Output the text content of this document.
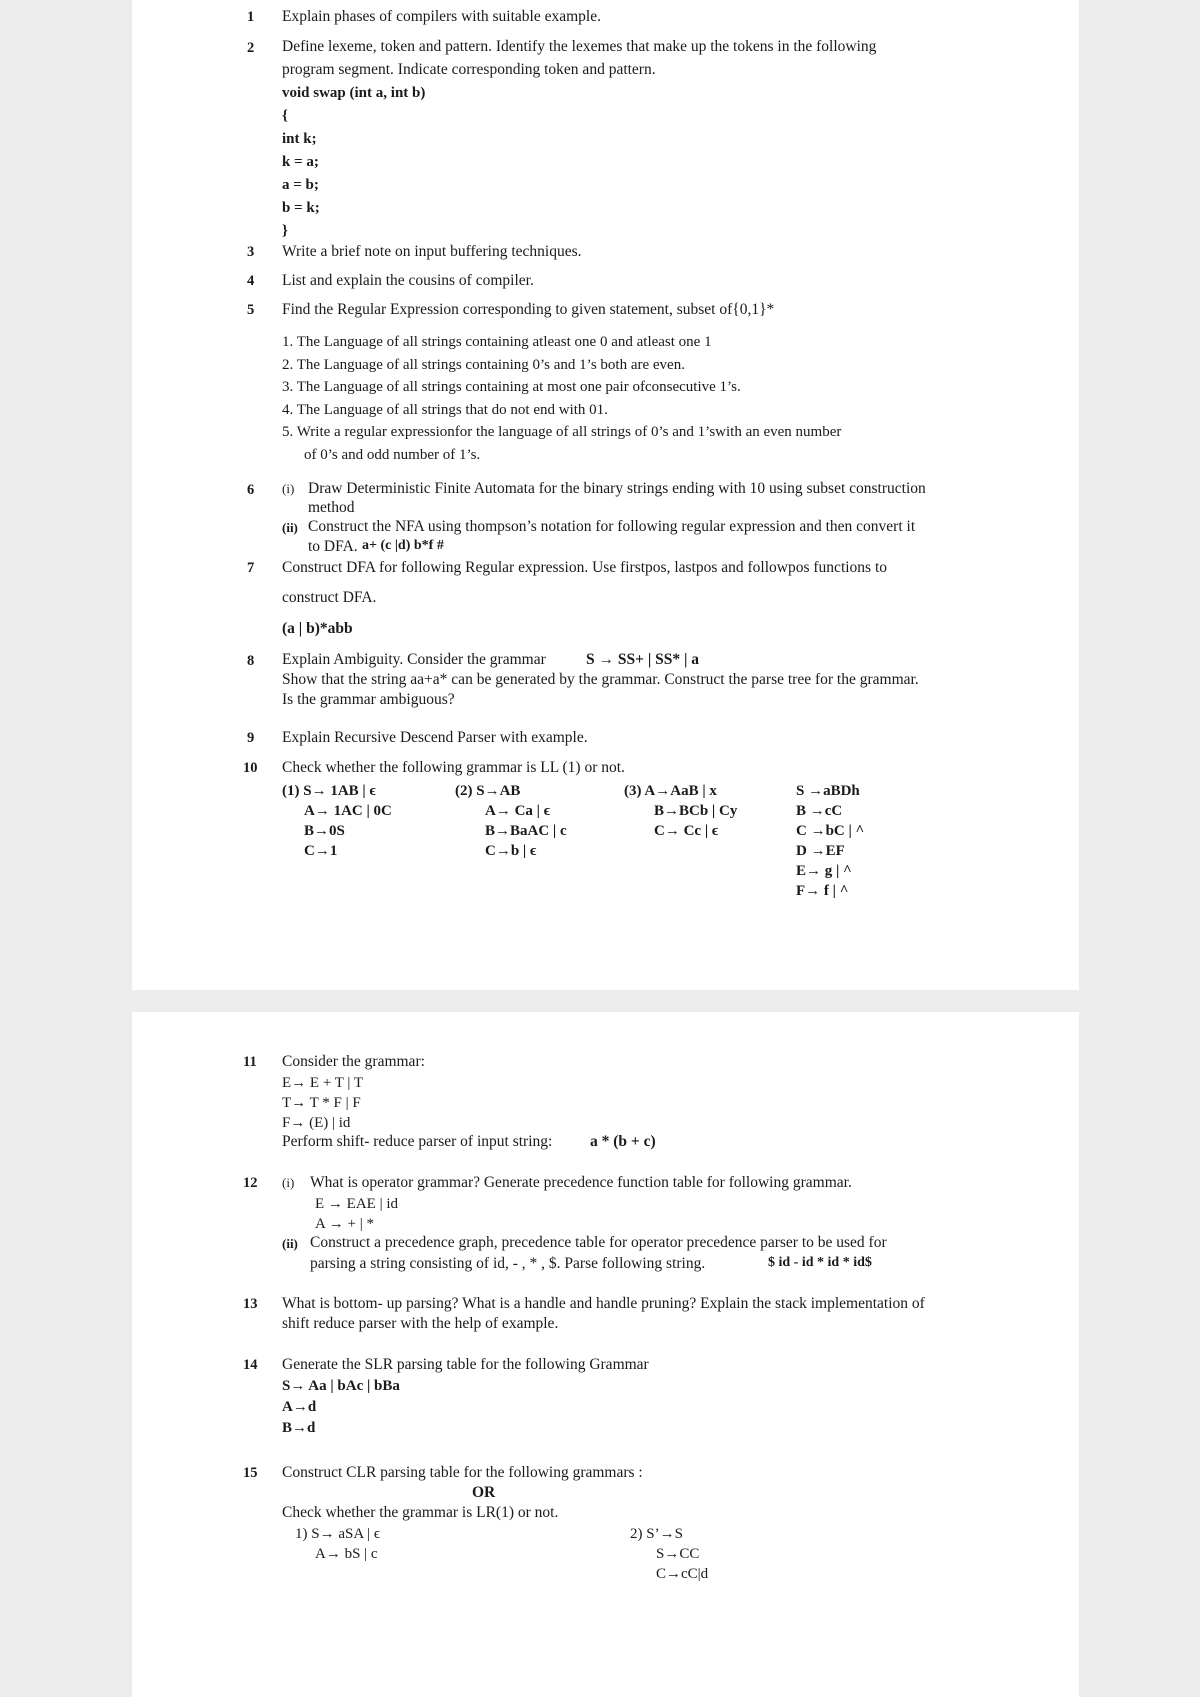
1 Explain phases of compilers with suitable example.
2 Define lexeme, token and pattern. Identify the lexemes that make up the tokens in the following
program segment. Indicate corresponding token and pattern.
void swap (int a, int b)
{
int k;
k = a;
a = b;
b = k;
}
3 Write a brief note on input buffering techniques.
4 List and explain the cousins of compiler.
5 Find the Regular Expression corresponding to given statement, subset of{0,1}*
1. The Language of all strings containing atleast one 0 and atleast one 1
2. The Language of all strings containing 0’s and 1’s both are even.
3. The Language of all strings containing at most one pair ofconsecutive 1’s.
4. The Language of all strings that do not end with 01.
5. Write a regular expressionfor the language of all strings of 0’s and 1’swith an even number
of 0’s and odd number of 1’s.
6 (i) Draw Deterministic Finite Automata for the binary strings ending with 10 using subset construction
method
(ii) Construct the NFA using thompson’s notation for following regular expression and then convert it
to DFA. a+ (c |d) b*f #
7 Construct DFA for following Regular expression. Use firstpos, lastpos and followpos functions to
construct DFA.
(a | b)*abb
8 Explain Ambiguity. Consider the grammar	S → SS+ | SS* | a
Show that the string aa+a* can be generated by the grammar. Construct the parse tree for the grammar.
Is the grammar ambiguous?
9 Explain Recursive Descend Parser with example.
10 Check whether the following grammar is LL (1) or not.
(1) S→ 1AB | ϵ
A→ 1AC | 0C
B→0S
C→1
(2) S→AB
A→ Ca | ϵ
B→BaAC | c
C→b | ϵ
(3) A→AaB | x
B→BCb | Cy
C→ Cc | ϵ
S →aBDh
B →cC
C →bC | ^
D →EF
E→ g | ^
F→ f | ^
11 Consider the grammar:
E→ E + T | T
T→ T * F | F
F→ (E) | id
Perform shift- reduce parser of input string: a * (b + c)
12 (i) What is operator grammar? Generate precedence function table for following grammar.
E → EAE | id
A → + | *
(ii) Construct a precedence graph, precedence table for operator precedence parser to be used for
parsing a string consisting of id, - , * , $. Parse following string.	$ id - id * id * id$
13 What is bottom- up parsing? What is a handle and handle pruning? Explain the stack implementation of
shift reduce parser with the help of example.
14 Generate the SLR parsing table for the following Grammar
S→ Aa | bAc | bBa
A→d
B→d
15 Construct CLR parsing table for the following grammars :
OR
Check whether the grammar is LR(1) or not.
1) S→ aSA | ϵ
A→ bS | c
2) S’→S
S→CC
C→cC|d
